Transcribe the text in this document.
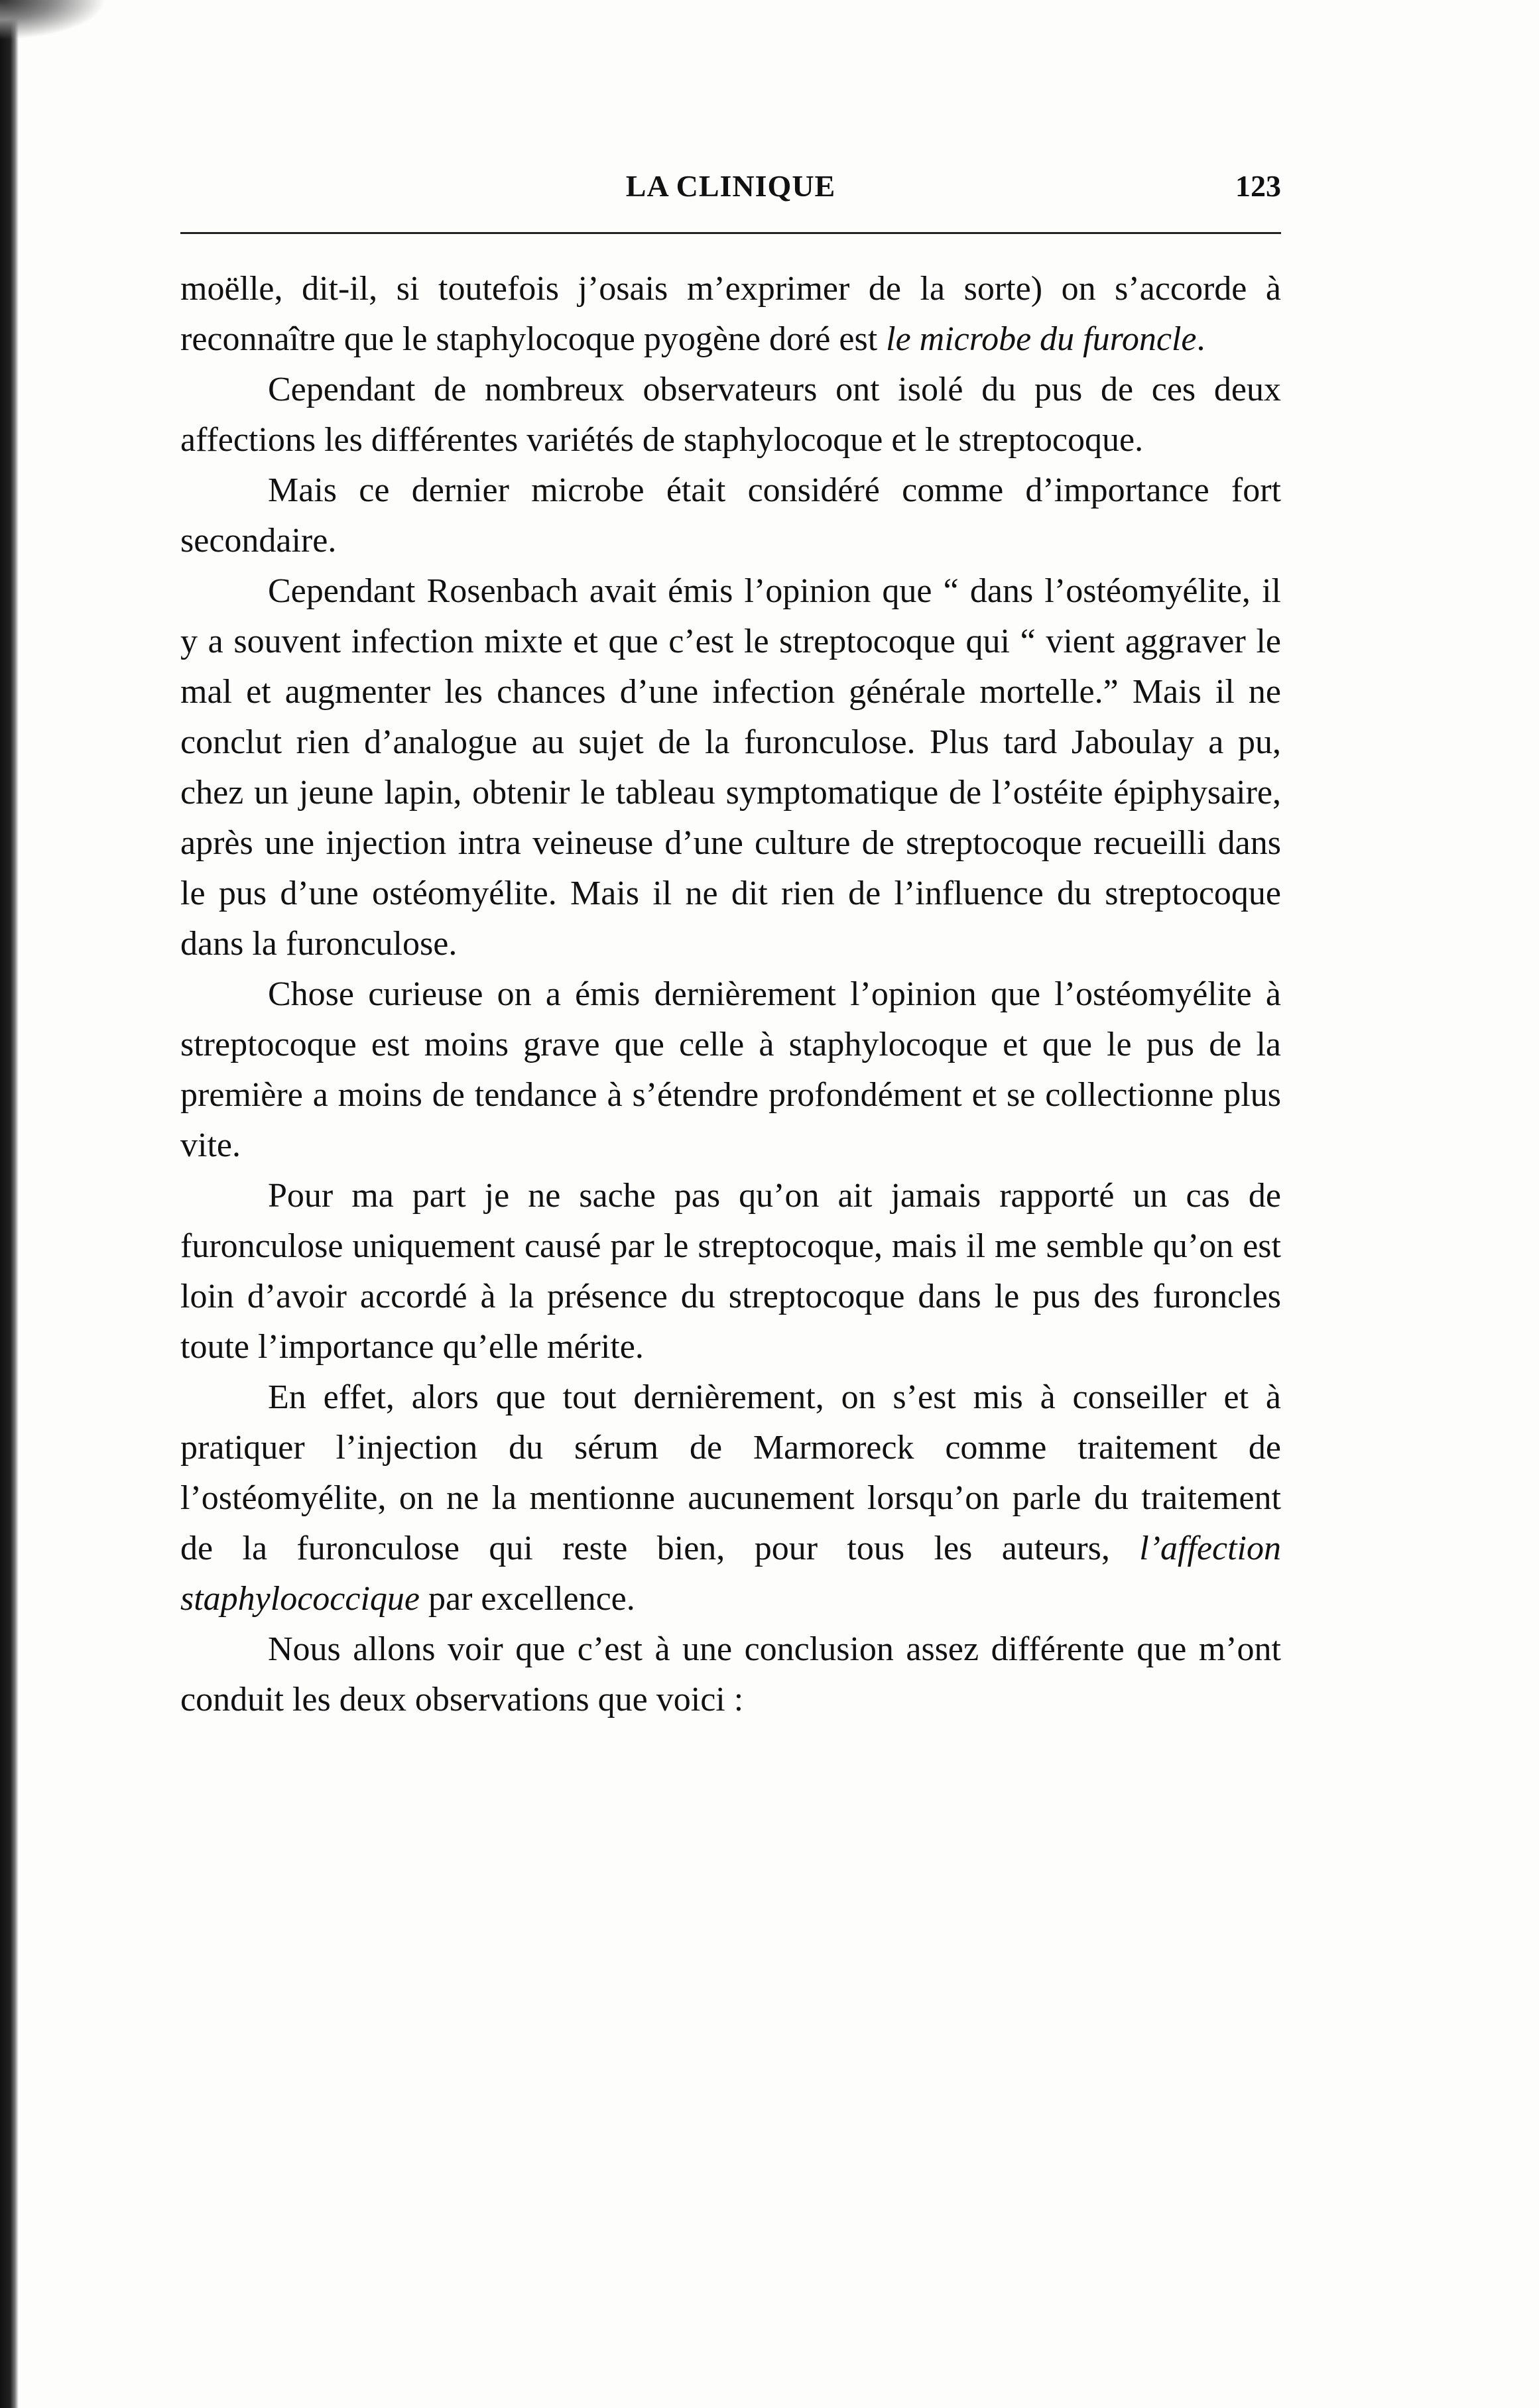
LA CLINIQUE	123

moëlle, dit-il, si toutefois j’osais m’exprimer de la sorte) on s’accorde à reconnaître que le staphylocoque pyogène doré est le microbe du furoncle.

Cependant de nombreux observateurs ont isolé du pus de ces deux affections les différentes variétés de staphylocoque et le streptocoque.

Mais ce dernier microbe était considéré comme d’importance fort secondaire.

Cependant Rosenbach avait émis l’opinion que “ dans l’ostéomyélite, il y a souvent infection mixte et que c’est le streptocoque qui “ vient aggraver le mal et augmenter les chances d’une infection générale mortelle.” Mais il ne conclut rien d’analogue au sujet de la furonculose. Plus tard Jaboulay a pu, chez un jeune lapin, obtenir le tableau symptomatique de l’ostéite épiphysaire, après une injection intra veineuse d’une culture de streptocoque recueilli dans le pus d’une ostéomyélite. Mais il ne dit rien de l’influence du streptocoque dans la furonculose.

Chose curieuse on a émis dernièrement l’opinion que l’ostéomyélite à streptocoque est moins grave que celle à staphylocoque et que le pus de la première a moins de tendance à s’étendre profondément et se collectionne plus vite.

Pour ma part je ne sache pas qu’on ait jamais rapporté un cas de furonculose uniquement causé par le streptocoque, mais il me semble qu’on est loin d’avoir accordé à la présence du streptocoque dans le pus des furoncles toute l’importance qu’elle mérite.

En effet, alors que tout dernièrement, on s’est mis à conseiller et à pratiquer l’injection du sérum de Marmoreck comme traitement de l’ostéomyélite, on ne la mentionne aucunement lorsqu’on parle du traitement de la furonculose qui reste bien, pour tous les auteurs, l’affection staphylococcique par excellence.

Nous allons voir que c’est à une conclusion assez différente que m’ont conduit les deux observations que voici :
